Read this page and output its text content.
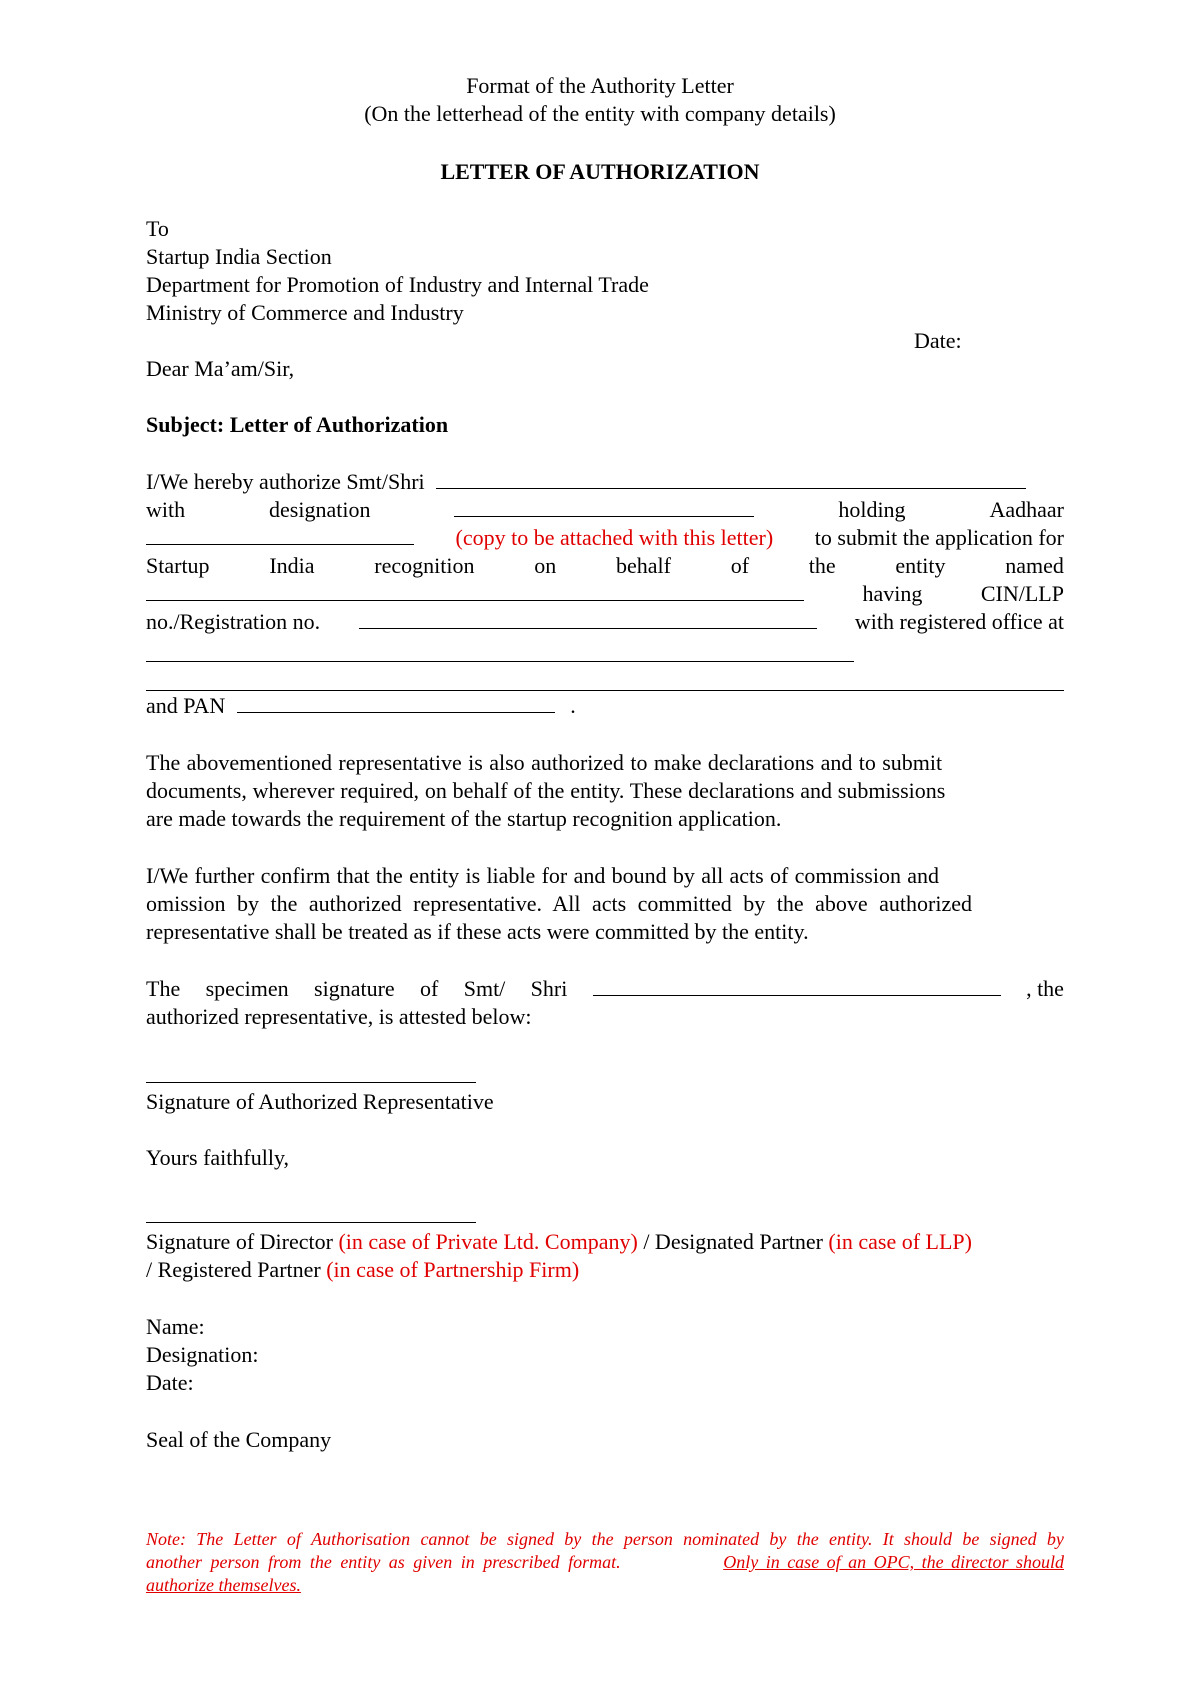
Format of the Authority Letter
(On the letterhead of the entity with company details)
LETTER OF AUTHORIZATION
To
Startup India Section
Department for Promotion of Industry and Internal Trade
Ministry of Commerce and Industry
Date:
Dear Ma’am/Sir,
Subject: Letter of Authorization
I/We hereby authorize Smt/Shri
with	designation	holding	Aadhaar
(copy to be attached with this letter) to submit the application for
Startup	India	recognition	on	behalf	of	the	entity	named
having	CIN/LLP
no./Registration no.	with registered office at
and PAN	.
The abovementioned representative is also authorized to make declarations and to submit
documents, wherever required, on behalf of the entity. These declarations and submissions
are made towards the requirement of the startup recognition application.
I/We further confirm that the entity is liable for and bound by all acts of commission and
omission by the authorized representative. All acts committed by the above authorized
representative shall be treated as if these acts were committed by the entity.
The specimen signature of Smt/ Shri	, the
authorized representative, is attested below:
Signature of Authorized Representative
Yours faithfully,
Signature of Director (in case of Private Ltd. Company) / Designated Partner (in case of LLP)
/ Registered Partner (in case of Partnership Firm)
Name:
Designation:
Date:
Seal of the Company
Note: The Letter of Authorisation cannot be signed by the person nominated by the entity. It should be signed by
another person from the entity as given in prescribed format.	Only in case of an OPC, the director should
authorize themselves.
